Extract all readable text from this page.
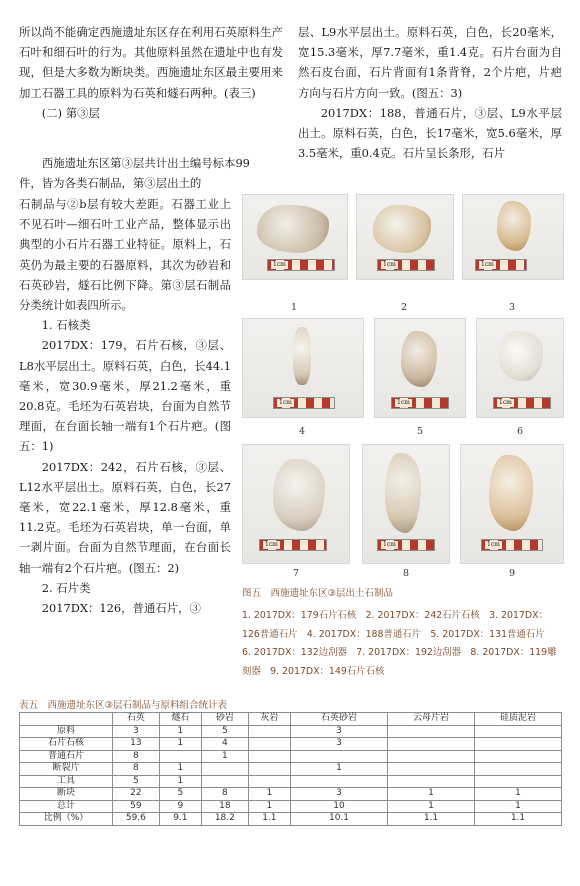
所以尚不能确定西施遗址东区存在利用石英原料生产石叶和细石叶的行为。其他原料虽然在遗址中也有发现，但是大多数为断块类。西施遗址东区最主要用来加工石器工具的原料为石英和燧石两种。(表三)

(二) 第③层

西施遗址东区第③层共计出土编号标本99

件，皆为各类石制品，第③层出土的

石制品与②b层有较大差距。石器工业上不见石叶—细石叶工业产品，整体显示出典型的小石片石器工业特征。原料上，石英仍为最主要的石器原料，其次为砂岩和石英砂岩，燧石比例下降。第③层石制品分类统计如表四所示。

1. 石核类

2017DX：179，石片石核，③层、L8水平层出土。原料石英，白色，长44.1毫米，宽30.9毫米，厚21.2毫米，重20.8克。毛坯为石英岩块，台面为自然节理面，在台面长轴一端有1个石片疤。(图五：1)

2017DX：242，石片石核，③层、L12水平层出土。原料石英，白色，长27毫米，宽22.1毫米，厚12.8毫米，重11.2克。毛坯为石英岩块，单一台面，单一剥片面。台面为自然节理面，在台面长轴一端有2个石片疤。(图五：2)

2. 石片类

2017DX：126，普通石片，③

层、L9水平层出土。原料石英，白色，长20毫米，宽15.3毫米，厚7.7毫米，重1.4克。石片台面为自然石皮台面，石片背面有1条背脊，2个片疤，片疤方向与石片方向一致。(图五：3)

2017DX：188，普通石片，③层、L9水平层出土。原料石英，白色，长17毫米，宽5.6毫米，厚3.5毫米，重0.4克。石片呈长条形，石片

1cm	1cm	1cm
1	2	3
1cm	1cm	1cm
4	5	6
1cm	1cm	1cm
7	8	9

图五　西施遗址东区③层出土石制品

1. 2017DX：179石片石核　2. 2017DX：242石片石核　3. 2017DX：126普通石片　4. 2017DX：188普通石片　5. 2017DX：131普通石片　6. 2017DX：132边刮器　7. 2017DX：192边刮器　8. 2017DX：119雕刻器　9. 2017DX：149石片石核

表五　西施遗址东区③层石制品与原料组合统计表
	石英	燧石	砂岩	灰岩	石英砂岩	云母片岩	硅质泥岩
原料	3	1	5		3		
石片石核	13	1	4		3		
普通石片	8		1				
断裂片	8	1			1		
工具	5	1					
断块	22	5	8	1	3	1	1
总计	59	9	18	1	10	1	1
比例（%）	59.6	9.1	18.2	1.1	10.1	1.1	1.1
